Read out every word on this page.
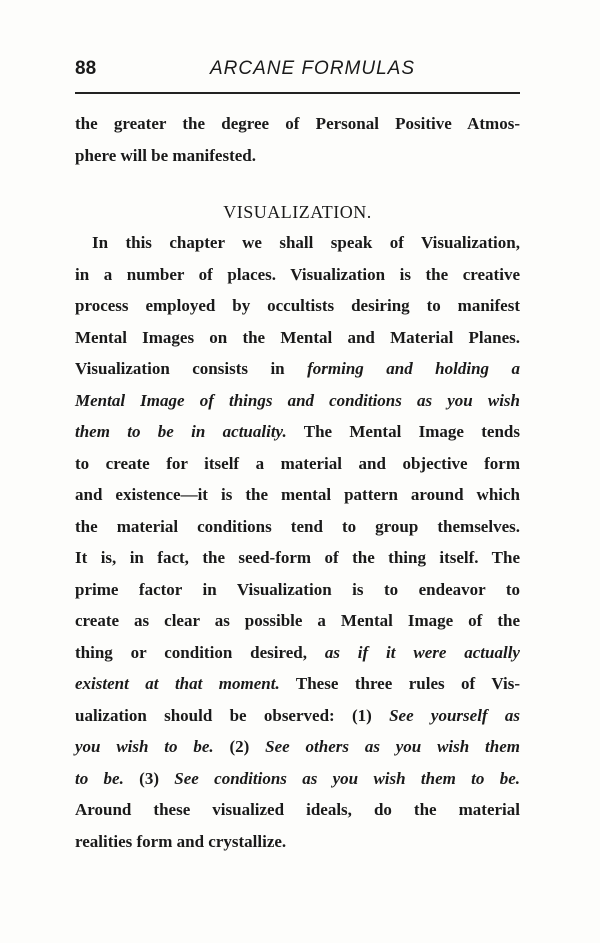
88	ARCANE FORMULAS
VISUALIZATION.
the greater the degree of Personal Positive Atmos-
phere will be manifested.
 In this chapter we shall speak of Visualization,
in a number of places. Visualization is the creative
process employed by occultists desiring to manifest
Mental Images on the Mental and Material Planes.
Visualization consists in forming and holding a
Mental Image of things and conditions as you wish
them to be in actuality. The Mental Image tends
to create for itself a material and objective form
and existence—it is the mental pattern around which
the material conditions tend to group themselves.
It is, in fact, the seed-form of the thing itself. The
prime factor in Visualization is to endeavor to
create as clear as possible a Mental Image of the
thing or condition desired, as if it were actually
existent at that moment. These three rules of Vis-
ualization should be observed: (1) See yourself as
you wish to be. (2) See others as you wish them
to be. (3) See conditions as you wish them to be.
Around these visualized ideals, do the material
realities form and crystallize.
